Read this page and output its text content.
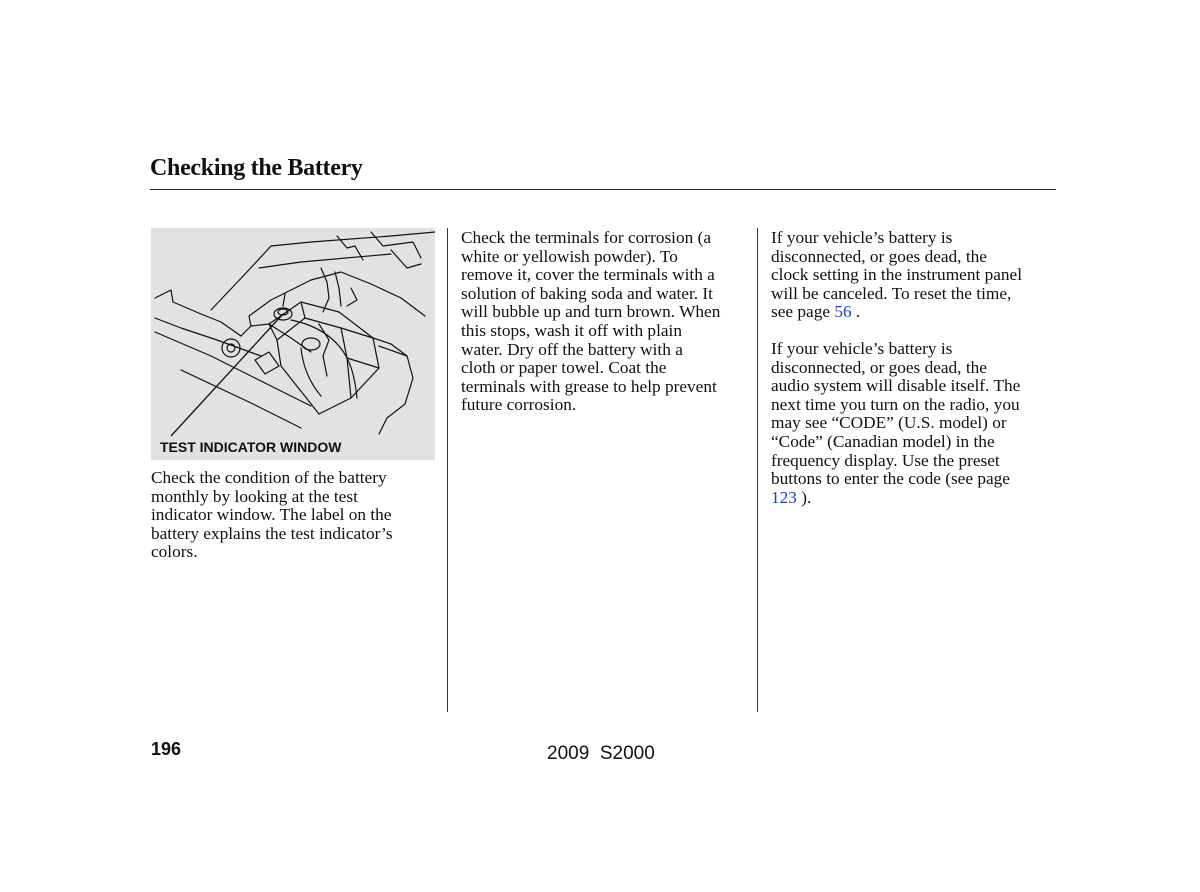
Checking the Battery
TEST INDICATOR WINDOW

Check the condition of the battery
monthly by looking at the test
indicator window. The label on the
battery explains the test indicator’s
colors.

Check the terminals for corrosion (a
white or yellowish powder). To
remove it, cover the terminals with a
solution of baking soda and water. It
will bubble up and turn brown. When
this stops, wash it off with plain
water. Dry off the battery with a
cloth or paper towel. Coat the
terminals with grease to help prevent
future corrosion.

If your vehicle’s battery is
disconnected, or goes dead, the
clock setting in the instrument panel
will be canceled. To reset the time,
see page 56 .

If your vehicle’s battery is
disconnected, or goes dead, the
audio system will disable itself. The
next time you turn on the radio, you
may see “CODE” (U.S. model) or
“Code” (Canadian model) in the
frequency display. Use the preset
buttons to enter the code (see page
123 ).

196	2009  S2000
